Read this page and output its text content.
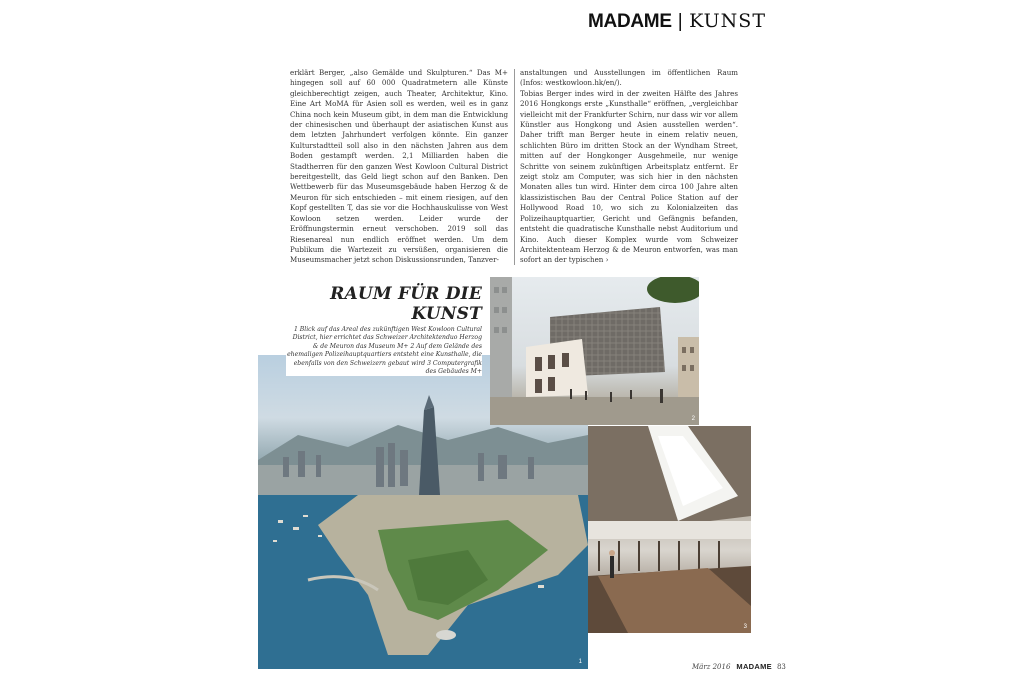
MADAME | KUNST

erklärt Berger, „also Gemälde und Skulpturen.“ Das M+ hingegen soll auf 60 000 Quadratmetern alle Künste gleichberechtigt zeigen, auch Theater, Architektur, Kino. Eine Art MoMA für Asien soll es werden, weil es in ganz China noch kein Museum gibt, in dem man die Entwicklung der chinesischen und überhaupt der asiatischen Kunst aus dem letzten Jahrhundert verfolgen könnte. Ein ganzer Kulturstadtteil soll also in den nächsten Jahren aus dem Boden gestampft werden. 2,1 Milliarden haben die Stadtherren für den ganzen West Kowloon Cultural District bereitgestellt, das Geld liegt schon auf den Banken. Den Wettbewerb für das Museumsgebäude haben Herzog & de Meuron für sich entschieden – mit einem riesigen, auf den Kopf gestellten T, das sie vor die Hochhauskulisse von West Kowloon setzen werden. Leider wurde der Eröffnungstermin erneut verschoben. 2019 soll das Riesenareal nun endlich eröffnet werden. Um dem Publikum die Wartezeit zu versüßen, organisieren die Museumsmacher jetzt schon Diskussionsrunden, Tanzver-

anstaltungen und Ausstellungen im öffentlichen Raum (Infos: westkowloon.hk/en/).

Tobias Berger indes wird in der zweiten Hälfte des Jahres 2016 Hongkongs erste „Kunsthalle“ eröffnen, „vergleichbar vielleicht mit der Frankfurter Schirn, nur dass wir vor allem Künstler aus Hongkong und Asien ausstellen werden“. Daher trifft man Berger heute in einem relativ neuen, schlichten Büro im dritten Stock an der Wyndham Street, mitten auf der Hongkonger Ausgehmeile, nur wenige Schritte von seinem zukünftigen Arbeitsplatz entfernt. Er zeigt stolz am Computer, was sich hier in den nächsten Monaten alles tun wird. Hinter dem circa 100 Jahre alten klassizistischen Bau der Central Police Station auf der Hollywood Road 10, wo sich zu Kolonialzeiten das Polizeihauptquartier, Gericht und Gefängnis befanden, entsteht die quadratische Kunsthalle nebst Auditorium und Kino. Auch dieser Komplex wurde vom Schweizer Architektenteam Herzog & de Meuron entworfen, was man sofort an der typischen ›

1
2
3
RAUM FÜR DIE KUNST
1 Blick auf das Areal des zukünftigen West Kowloon Cultural District, hier errichtet das Schweizer Architektenduo Herzog & de Meuron das Museum M+ 2 Auf dem Gelände des ehemaligen Polizeihauptquartiers entsteht eine Kunsthalle, die ebenfalls von den Schweizern gebaut wird 3 Computergrafik des Gebäudes M+
März 2016 MADAME 83
